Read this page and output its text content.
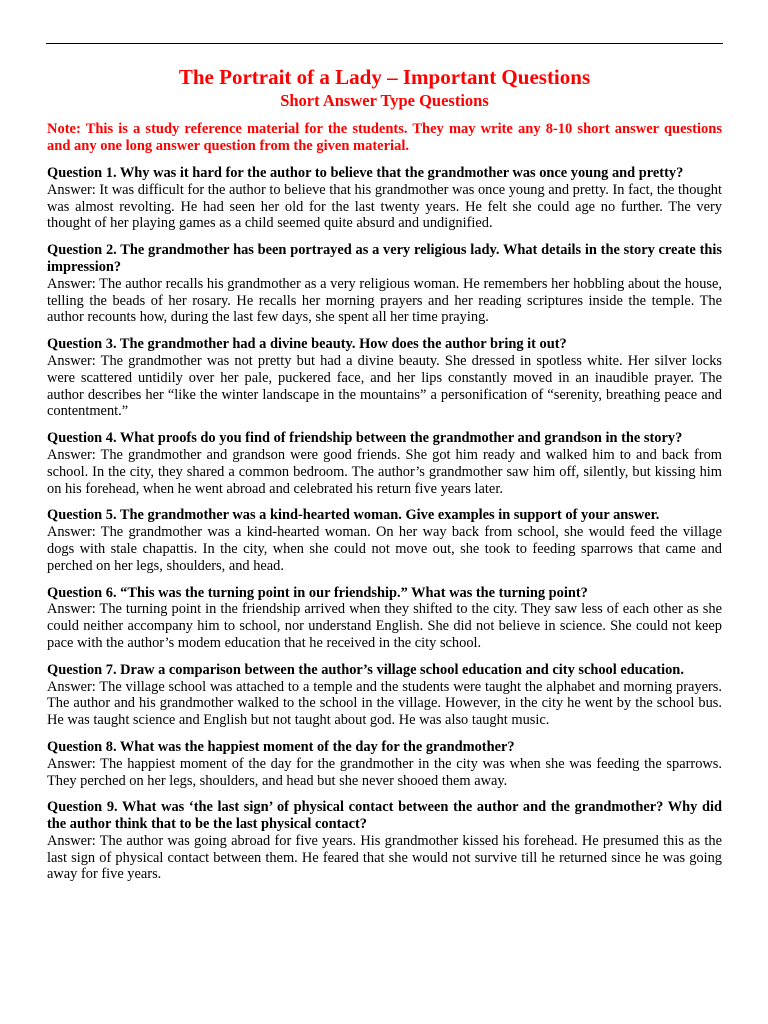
The Portrait of a Lady – Important Questions
Short Answer Type Questions

Note: This is a study reference material for the students. They may write any 8-10 short answer questions and any one long answer question from the given material.

Question 1. Why was it hard for the author to believe that the grandmother was once young and pretty?

Answer: It was difficult for the author to believe that his grandmother was once young and pretty. In fact, the thought was almost revolting. He had seen her old for the last twenty years. He felt she could age no further. The very thought of her playing games as a child seemed quite absurd and undignified.

Question 2. The grandmother has been portrayed as a very religious lady. What details in the story create this impression?

Answer: The author recalls his grandmother as a very religious woman. He remembers her hobbling about the house, telling the beads of her rosary. He recalls her morning prayers and her reading scriptures inside the temple. The author recounts how, during the last few days, she spent all her time praying.

Question 3. The grandmother had a divine beauty. How does the author bring it out?

Answer: The grandmother was not pretty but had a divine beauty. She dressed in spotless white. Her silver locks were scattered untidily over her pale, puckered face, and her lips constantly moved in an inaudible prayer. The author describes her “like the winter landscape in the mountains” a personification of “serenity, breathing peace and contentment.”

Question 4. What proofs do you find of friendship between the grandmother and grandson in the story?

Answer: The grandmother and grandson were good friends. She got him ready and walked him to and back from school. In the city, they shared a common bedroom. The author’s grandmother saw him off, silently, but kissing him on his forehead, when he went abroad and celebrated his return five years later.

Question 5. The grandmother was a kind-hearted woman. Give examples in support of your answer.

Answer: The grandmother was a kind-hearted woman. On her way back from school, she would feed the village dogs with stale chapattis. In the city, when she could not move out, she took to feeding sparrows that came and perched on her legs, shoulders, and head.

Question 6. “This was the turning point in our friendship.” What was the turning point?

Answer: The turning point in the friendship arrived when they shifted to the city. They saw less of each other as she could neither accompany him to school, nor understand English. She did not believe in science. She could not keep pace with the author’s modem education that he received in the city school.

Question 7. Draw a comparison between the author’s village school education and city school education.

Answer: The village school was attached to a temple and the students were taught the alphabet and morning prayers. The author and his grandmother walked to the school in the village. However, in the city he went by the school bus. He was taught science and English but not taught about god. He was also taught music.

Question 8. What was the happiest moment of the day for the grandmother?

Answer: The happiest moment of the day for the grandmother in the city was when she was feeding the sparrows. They perched on her legs, shoulders, and head but she never shooed them away.

Question 9. What was ‘the last sign’ of physical contact between the author and the grandmother? Why did the author think that to be the last physical contact?

Answer: The author was going abroad for five years. His grandmother kissed his forehead. He presumed this as the last sign of physical contact between them. He feared that she would not survive till he returned since he was going away for five years.
